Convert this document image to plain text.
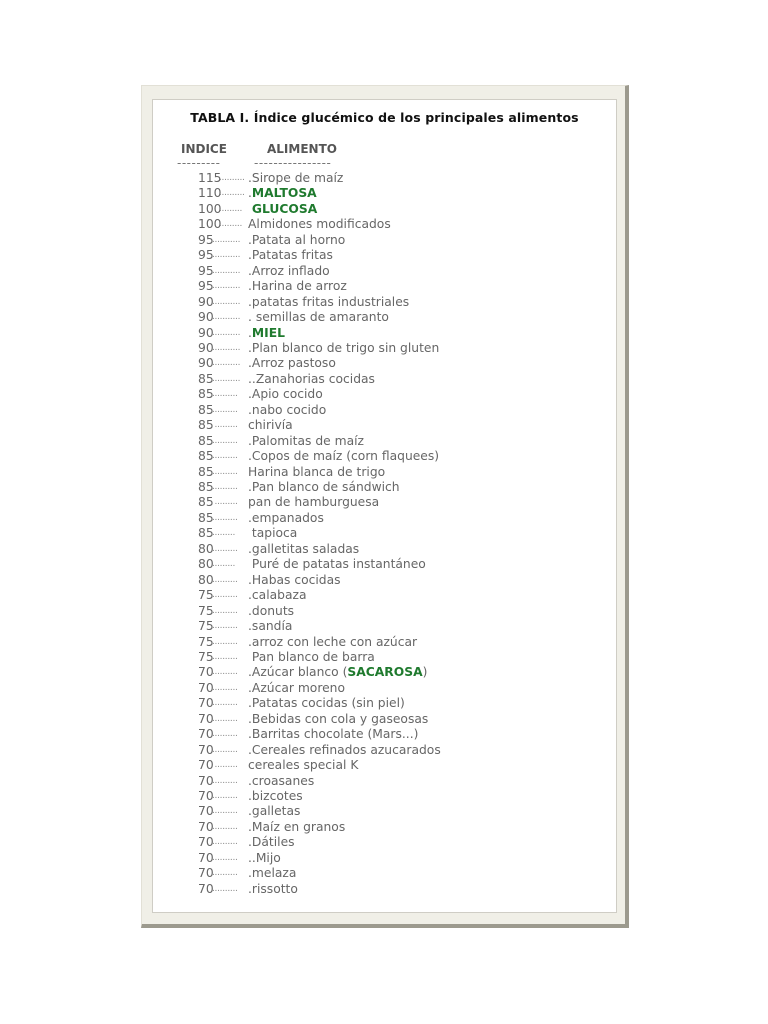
TABLA I. Índice glucémico de los principales alimentos
INDICE	ALIMENTO
---------	----------------
115
.......... .Sirope de maíz
110
.......... .MALTOSA
100
......... GLUCOSA
100
......... Almidones modificados
95
........... .Patata al horno
95
........... .Patatas fritas
95
........... .Arroz inflado
95
........... .Harina de arroz
90
........... .patatas fritas industriales
90
........... . semillas de amaranto
90
........... .MIEL
90
........... .Plan blanco de trigo sin gluten
90
........... .Arroz pastoso
85
........... ..Zanahorias cocidas
85
.......... .Apio cocido
85
.......... .nabo cocido
85
......... chirivía
85
.......... .Palomitas de maíz
85
.......... .Copos de maíz (corn flaquees)
85
.......... Harina blanca de trigo
85
.......... .Pan blanco de sándwich
85
......... pan de hamburguesa
85
.......... .empanados
85
......... tapioca
80
.......... .galletitas saladas
80
......... Puré de patatas instantáneo
80
.......... .Habas cocidas
75
.......... .calabaza
75
.......... .donuts
75
.......... .sandía
75
.......... .arroz con leche con azúcar
75
.......... Pan blanco de barra
70
.......... .Azúcar blanco (SACAROSA)
70
.......... .Azúcar moreno
70
.......... .Patatas cocidas (sin piel)
70
.......... .Bebidas con cola y gaseosas
70
.......... .Barritas chocolate (Mars...)
70
.......... .Cereales refinados azucarados
70
......... cereales special K
70
.......... .croasanes
70
.......... .bizcotes
70
.......... .galletas
70
.......... .Maíz en granos
70
.......... .Dátiles
70
.......... ..Mijo
70
.......... .melaza
70
.......... .rissotto
